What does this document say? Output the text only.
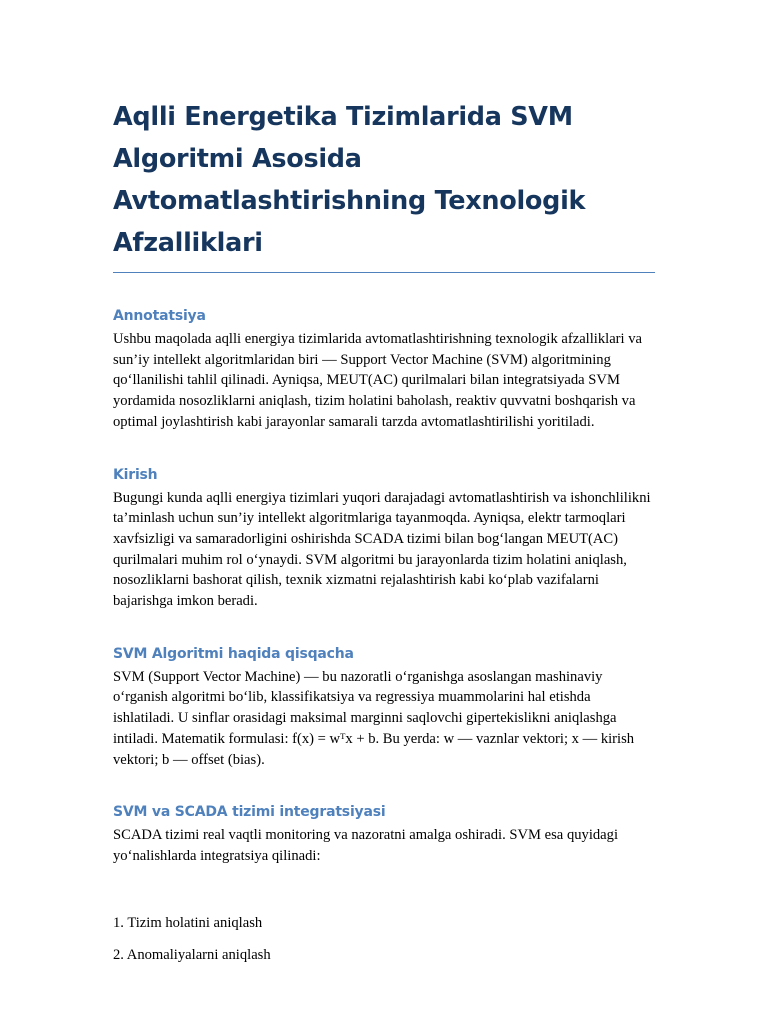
Aqlli Energetika Tizimlarida SVM Algoritmi Asosida Avtomatlashtirishning Texnologik Afzalliklari
Annotatsiya

Ushbu maqolada aqlli energiya tizimlarida avtomatlashtirishning texnologik afzalliklari va sun’iy intellekt algoritmlaridan biri — Support Vector Machine (SVM) algoritmining qo‘llanilishi tahlil qilinadi. Ayniqsa, MEUT(AC) qurilmalari bilan integratsiyada SVM yordamida nosozliklarni aniqlash, tizim holatini baholash, reaktiv quvvatni boshqarish va optimal joylashtirish kabi jarayonlar samarali tarzda avtomatlashtirilishi yoritiladi.

Kirish

Bugungi kunda aqlli energiya tizimlari yuqori darajadagi avtomatlashtirish va ishonchlilikni ta’minlash uchun sun’iy intellekt algoritmlariga tayanmoqda. Ayniqsa, elektr tarmoqlari xavfsizligi va samaradorligini oshirishda SCADA tizimi bilan bog‘langan MEUT(AC) qurilmalari muhim rol o‘ynaydi. SVM algoritmi bu jarayonlarda tizim holatini aniqlash, nosozliklarni bashorat qilish, texnik xizmatni rejalashtirish kabi ko‘plab vazifalarni bajarishga imkon beradi.

SVM Algoritmi haqida qisqacha

SVM (Support Vector Machine) — bu nazoratli o‘rganishga asoslangan mashinaviy o‘rganish algoritmi bo‘lib, klassifikatsiya va regressiya muammolarini hal etishda ishlatiladi. U sinflar orasidagi maksimal marginni saqlovchi gipertekislikni aniqlashga intiladi. Matematik formulasi: f(x) = wᵀx + b. Bu yerda: w — vaznlar vektori; x — kirish vektori; b — offset (bias).

SVM va SCADA tizimi integratsiyasi

SCADA tizimi real vaqtli monitoring va nazoratni amalga oshiradi. SVM esa quyidagi yo‘nalishlarda integratsiya qilinadi:

1. Tizim holatini aniqlash

2. Anomaliyalarni aniqlash
